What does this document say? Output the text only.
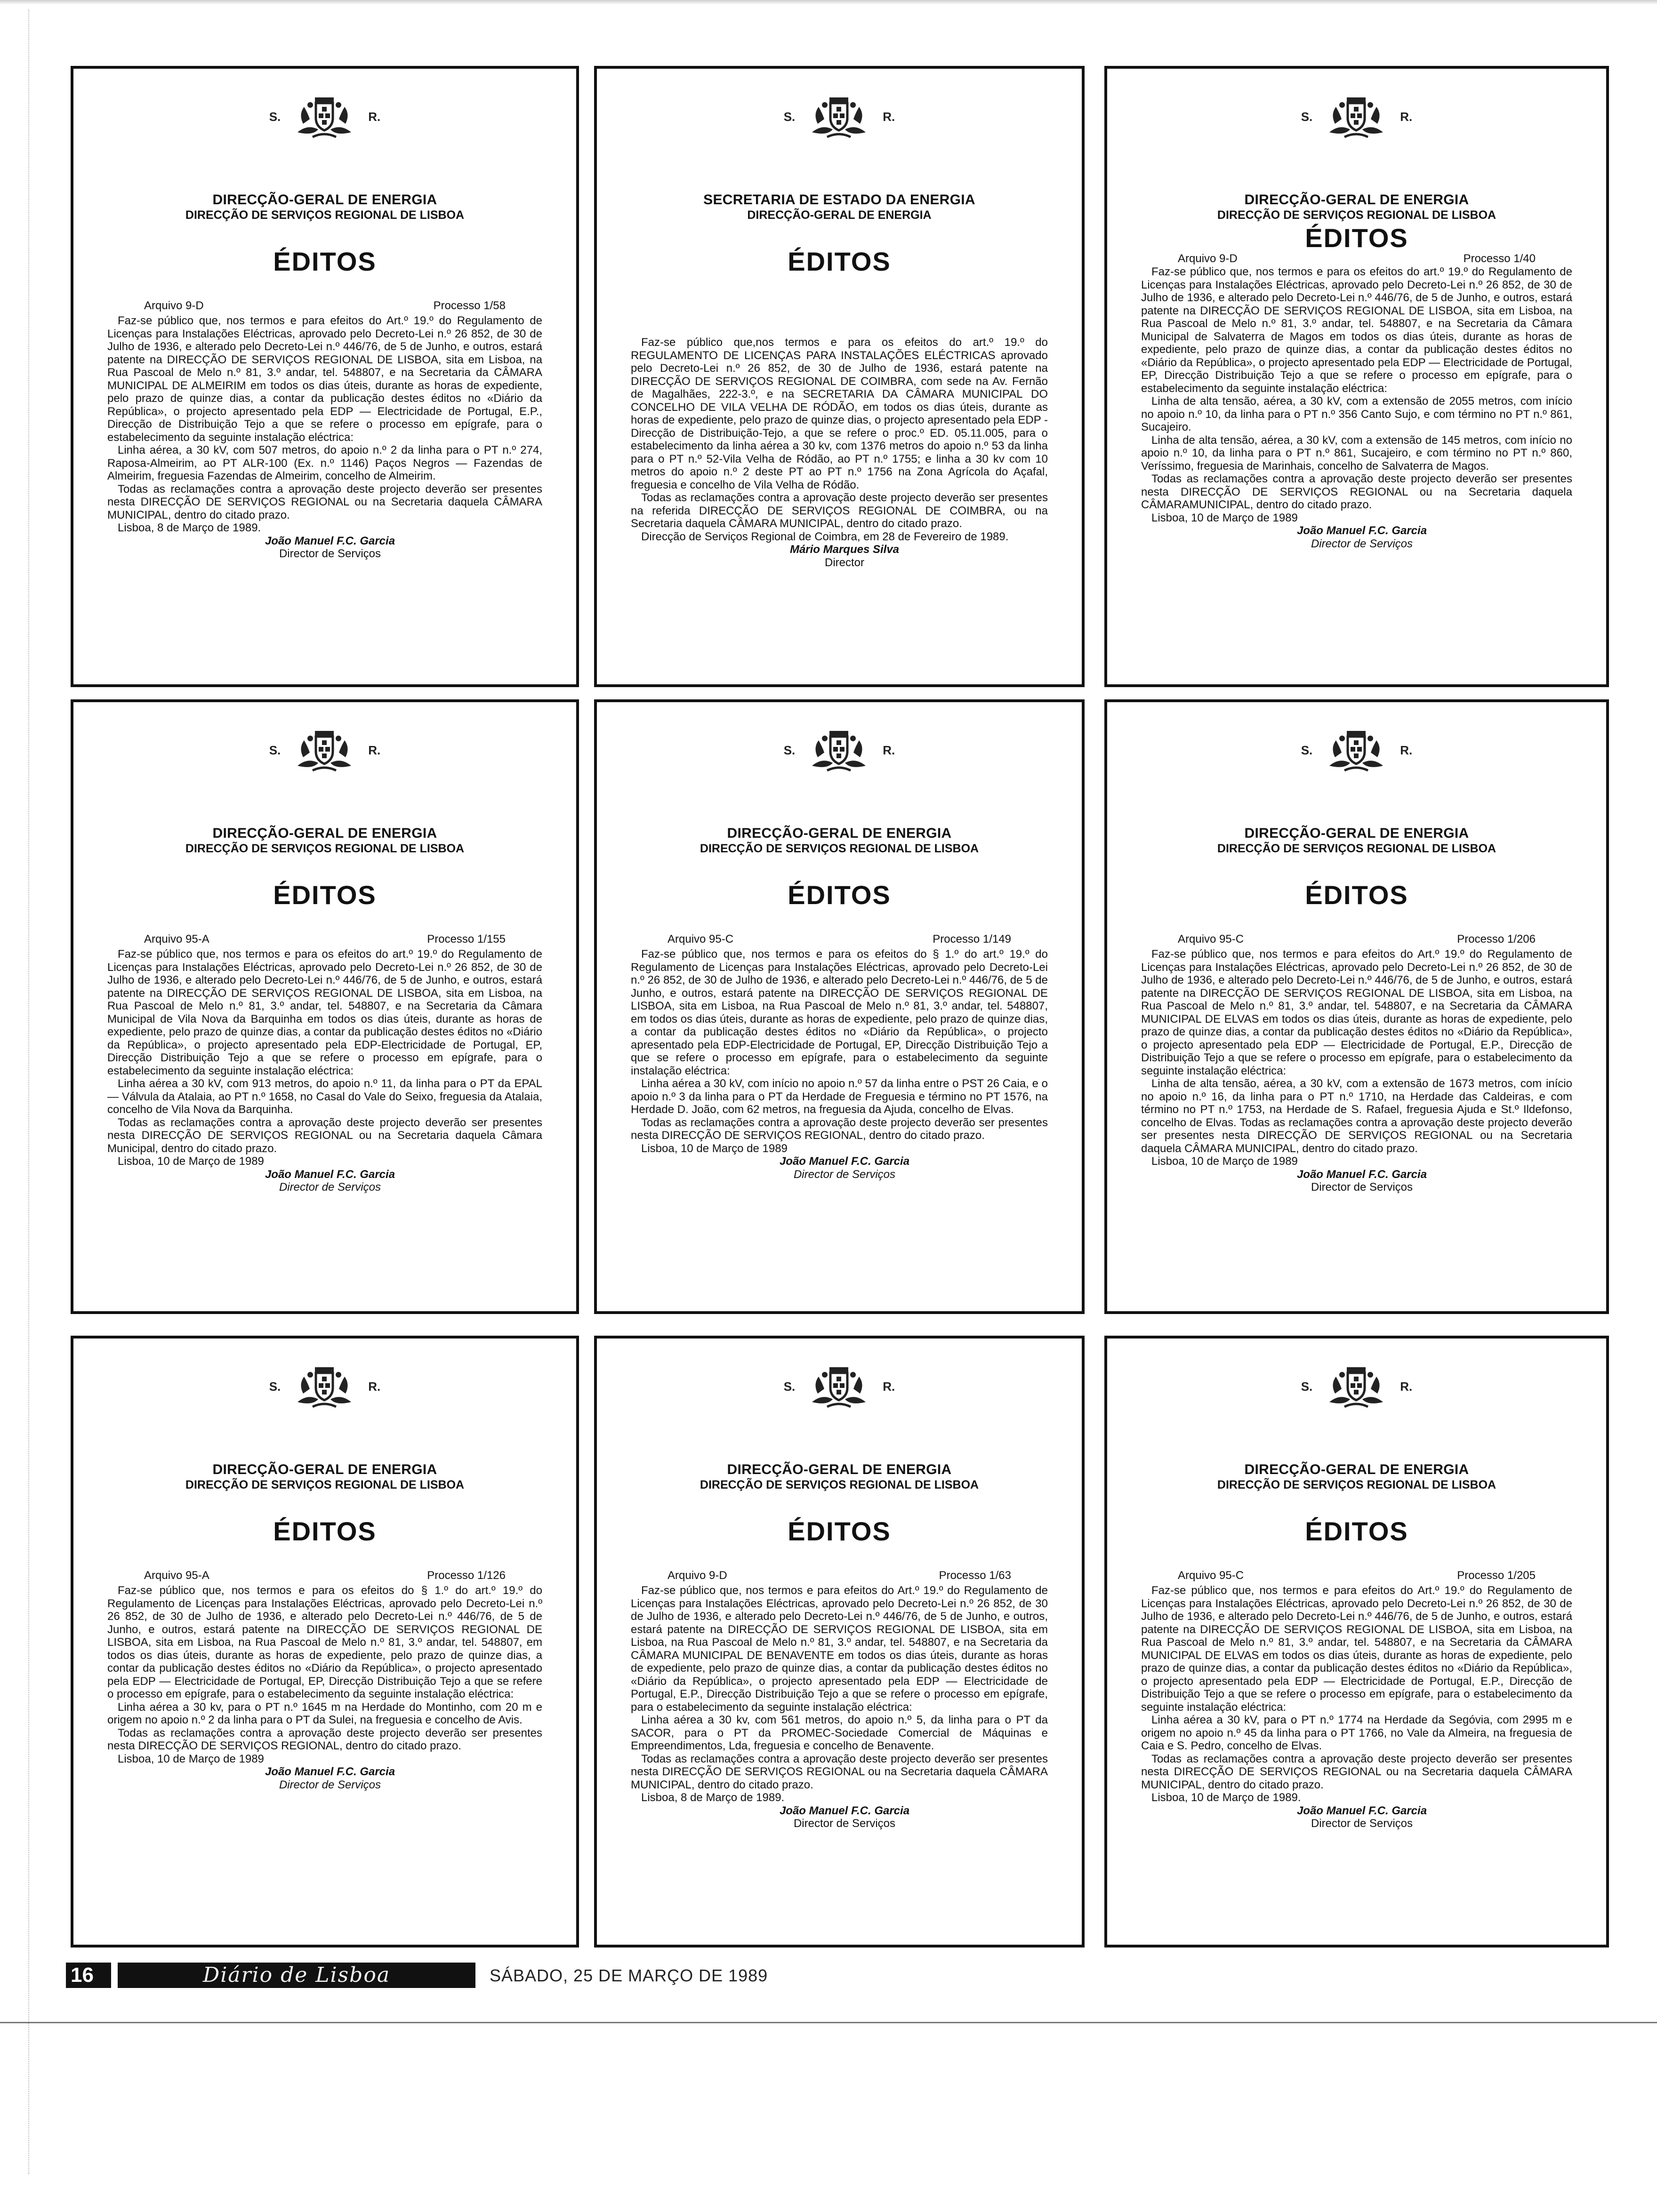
S.	R.
DIRECÇÃO-GERAL DE ENERGIA
DIRECÇÃO DE SERVIÇOS REGIONAL DE LISBOA
ÉDITOS
Arquivo 9-D	Processo 1/58

Faz-se público que, nos termos e para efeitos do Art.º 19.º do Regulamento de Licenças para Instalações Eléctricas, aprovado pelo Decreto-Lei n.º 26 852, de 30 de Julho de 1936, e alterado pelo Decreto-Lei n.º 446/76, de 5 de Junho, e outros, estará patente na DIRECÇÃO DE SERVIÇOS REGIONAL DE LISBOA, sita em Lisboa, na Rua Pascoal de Melo n.º 81, 3.º andar, tel. 548807, e na Secretaria da CÂMARA MUNICIPAL DE ALMEIRIM em todos os dias úteis, durante as horas de expediente, pelo prazo de quinze dias, a contar da publicação destes éditos no «Diário da República», o projecto apresentado pela EDP — Electricidade de Portugal, E.P., Direcção de Distribuição Tejo a que se refere o processo em epígrafe, para o estabelecimento da seguinte instalação eléctrica:

Linha aérea, a 30 kV, com 507 metros, do apoio n.º 2 da linha para o PT n.º 274, Raposa-Almeirim, ao PT ALR-100 (Ex. n.º 1146) Paços Negros — Fazendas de Almeirim, freguesia Fazendas de Almeirim, concelho de Almeirim.

Todas as reclamações contra a aprovação deste projecto deverão ser presentes nesta DIRECÇÃO DE SERVIÇOS REGIONAL ou na Secretaria daquela CÂMARA MUNICIPAL, dentro do citado prazo.

Lisboa, 8 de Março de 1989.

João Manuel F.C. Garcia

Director de Serviços

S.	R.
SECRETARIA DE ESTADO DA ENERGIA
DIRECÇÃO-GERAL DE ENERGIA
ÉDITOS

Faz-se público que,nos termos e para os efeitos do art.º 19.º do REGULAMENTO DE LICENÇAS PARA INSTALAÇÕES ELÉCTRICAS aprovado pelo Decreto-Lei n.º 26 852, de 30 de Julho de 1936, estará patente na DIRECÇÃO DE SERVIÇOS REGIONAL DE COIMBRA, com sede na Av. Fernão de Magalhães, 222-3.º, e na SECRETARIA DA CÂMARA MUNICIPAL DO CONCELHO DE VILA VELHA DE RÓDÃO, em todos os dias úteis, durante as horas de expediente, pelo prazo de quinze dias, o projecto apresentado pela EDP - Direcção de Distribuição-Tejo, a que se refere o proc.º ED. 05.11.005, para o estabelecimento da linha aérea a 30 kv, com 1376 metros do apoio n.º 53 da linha para o PT n.º 52-Vila Velha de Ródão, ao PT n.º 1755; e linha a 30 kv com 10 metros do apoio n.º 2 deste PT ao PT n.º 1756 na Zona Agrícola do Açafal, freguesia e concelho de Vila Velha de Ródão.

Todas as reclamações contra a aprovação deste projecto deverão ser presentes na referida DIRECÇÃO DE SERVIÇOS REGIONAL DE COIMBRA, ou na Secretaria daquela CÂMARA MUNICIPAL, dentro do citado prazo.

Direcção de Serviços Regional de Coimbra, em 28 de Fevereiro de 1989.

Mário Marques Silva

Director

S.	R.
DIRECÇÃO-GERAL DE ENERGIA
DIRECÇÃO DE SERVIÇOS REGIONAL DE LISBOA
ÉDITOS
Arquivo 9-D	Processo 1/40

Faz-se público que, nos termos e para os efeitos do art.º 19.º do Regulamento de Licenças para Instalações Eléctricas, aprovado pelo Decreto-Lei n.º 26 852, de 30 de Julho de 1936, e alterado pelo Decreto-Lei n.º 446/76, de 5 de Junho, e outros, estará patente na DIRECÇÃO DE SERVIÇOS REGIONAL DE LISBOA, sita em Lisboa, na Rua Pascoal de Melo n.º 81, 3.º andar, tel. 548807, e na Secretaria da Câmara Municipal de Salvaterra de Magos em todos os dias úteis, durante as horas de expediente, pelo prazo de quinze dias, a contar da publicação destes éditos no «Diário da República», o projecto apresentado pela EDP — Electricidade de Portugal, EP, Direcção Distribuição Tejo a que se refere o processo em epígrafe, para o estabelecimento da seguinte instalação eléctrica:

Linha de alta tensão, aérea, a 30 kV, com a extensão de 2055 metros, com início no apoio n.º 10, da linha para o PT n.º 356 Canto Sujo, e com término no PT n.º 861, Sucajeiro.

Linha de alta tensão, aérea, a 30 kV, com a extensão de 145 metros, com início no apoio n.º 10, da linha para o PT n.º 861, Sucajeiro, e com término no PT n.º 860, Veríssimo, freguesia de Marinhais, concelho de Salvaterra de Magos.

Todas as reclamações contra a aprovação deste projecto deverão ser presentes nesta DIRECÇÃO DE SERVIÇOS REGIONAL ou na Secretaria daquela CÂMARAMUNICIPAL, dentro do citado prazo.

Lisboa, 10 de Março de 1989

João Manuel F.C. Garcia

Director de Serviços

S.	R.
DIRECÇÃO-GERAL DE ENERGIA
DIRECÇÃO DE SERVIÇOS REGIONAL DE LISBOA
ÉDITOS
Arquivo 95-A	Processo 1/155

Faz-se público que, nos termos e para os efeitos do art.º 19.º do Regulamento de Licenças para Instalações Eléctricas, aprovado pelo Decreto-Lei n.º 26 852, de 30 de Julho de 1936, e alterado pelo Decreto-Lei n.º 446/76, de 5 de Junho, e outros, estará patente na DIRECÇÃO DE SERVIÇOS REGIONAL DE LISBOA, sita em Lisboa, na Rua Pascoal de Melo n.º 81, 3.º andar, tel. 548807, e na Secretaria da Câmara Municipal de Vila Nova da Barquinha em todos os dias úteis, durante as horas de expediente, pelo prazo de quinze dias, a contar da publicação destes éditos no «Diário da República», o projecto apresentado pela EDP-Electricidade de Portugal, EP, Direcção Distribuição Tejo a que se refere o processo em epígrafe, para o estabelecimento da seguinte instalação eléctrica:

Linha aérea a 30 kV, com 913 metros, do apoio n.º 11, da linha para o PT da EPAL — Válvula da Atalaia, ao PT n.º 1658, no Casal do Vale do Seixo, freguesia da Atalaia, concelho de Vila Nova da Barquinha.

Todas as reclamações contra a aprovação deste projecto deverão ser presentes nesta DIRECÇÃO DE SERVIÇOS REGIONAL ou na Secretaria daquela Câmara Municipal, dentro do citado prazo.

Lisboa, 10 de Março de 1989

João Manuel F.C. Garcia

Director de Serviços

S.	R.
DIRECÇÃO-GERAL DE ENERGIA
DIRECÇÃO DE SERVIÇOS REGIONAL DE LISBOA
ÉDITOS
Arquivo 95-C	Processo 1/149

Faz-se público que, nos termos e para os efeitos do § 1.º do art.º 19.º do Regulamento de Licenças para Instalações Eléctricas, aprovado pelo Decreto-Lei n.º 26 852, de 30 de Julho de 1936, e alterado pelo Decreto-Lei n.º 446/76, de 5 de Junho, e outros, estará patente na DIRECÇÃO DE SERVIÇOS REGIONAL DE LISBOA, sita em Lisboa, na Rua Pascoal de Melo n.º 81, 3.º andar, tel. 548807, em todos os dias úteis, durante as horas de expediente, pelo prazo de quinze dias, a contar da publicação destes éditos no «Diário da República», o projecto apresentado pela EDP-Electricidade de Portugal, EP, Direcção Distribuição Tejo a que se refere o processo em epígrafe, para o estabelecimento da seguinte instalação eléctrica:

Linha aérea a 30 kV, com início no apoio n.º 57 da linha entre o PST 26 Caia, e o apoio n.º 3 da linha para o PT da Herdade de Freguesia e término no PT 1576, na Herdade D. João, com 62 metros, na freguesia da Ajuda, concelho de Elvas.

Todas as reclamações contra a aprovação deste projecto deverão ser presentes nesta DIRECÇÃO DE SERVIÇOS REGIONAL, dentro do citado prazo.

Lisboa, 10 de Março de 1989

João Manuel F.C. Garcia

Director de Serviços

S.	R.
DIRECÇÃO-GERAL DE ENERGIA
DIRECÇÃO DE SERVIÇOS REGIONAL DE LISBOA
ÉDITOS
Arquivo 95-C	Processo 1/206

Faz-se público que, nos termos e para efeitos do Art.º 19.º do Regulamento de Licenças para Instalações Eléctricas, aprovado pelo Decreto-Lei n.º 26 852, de 30 de Julho de 1936, e alterado pelo Decreto-Lei n.º 446/76, de 5 de Junho, e outros, estará patente na DIRECÇÃO DE SERVIÇOS REGIONAL DE LISBOA, sita em Lisboa, na Rua Pascoal de Melo n.º 81, 3.º andar, tel. 548807, e na Secretaria da CÂMARA MUNICIPAL DE ELVAS em todos os dias úteis, durante as horas de expediente, pelo prazo de quinze dias, a contar da publicação destes éditos no «Diário da República», o projecto apresentado pela EDP — Electricidade de Portugal, E.P., Direcção de Distribuição Tejo a que se refere o processo em epígrafe, para o estabelecimento da seguinte instalação eléctrica:

Linha de alta tensão, aérea, a 30 kV, com a extensão de 1673 metros, com início no apoio n.º 16, da linha para o PT n.º 1710, na Herdade das Caldeiras, e com término no PT n.º 1753, na Herdade de S. Rafael, freguesia Ajuda e St.º Ildefonso, concelho de Elvas. Todas as reclamações contra a aprovação deste projecto deverão ser presentes nesta DIRECÇÃO DE SERVIÇOS REGIONAL ou na Secretaria daquela CÂMARA MUNICIPAL, dentro do citado prazo.

Lisboa, 10 de Março de 1989

João Manuel F.C. Garcia

Director de Serviços

S.	R.
DIRECÇÃO-GERAL DE ENERGIA
DIRECÇÃO DE SERVIÇOS REGIONAL DE LISBOA
ÉDITOS
Arquivo 95-A	Processo 1/126

Faz-se público que, nos termos e para os efeitos do § 1.º do art.º 19.º do Regulamento de Licenças para Instalações Eléctricas, aprovado pelo Decreto-Lei n.º 26 852, de 30 de Julho de 1936, e alterado pelo Decreto-Lei n.º 446/76, de 5 de Junho, e outros, estará patente na DIRECÇÃO DE SERVIÇOS REGIONAL DE LISBOA, sita em Lisboa, na Rua Pascoal de Melo n.º 81, 3.º andar, tel. 548807, em todos os dias úteis, durante as horas de expediente, pelo prazo de quinze dias, a contar da publicação destes éditos no «Diário da República», o projecto apresentado pela EDP — Electricidade de Portugal, EP, Direcção Distribuição Tejo a que se refere o processo em epígrafe, para o estabelecimento da seguinte instalação eléctrica:

Linha aérea a 30 kv, para o PT n.º 1645 m na Herdade do Montinho, com 20 m e origem no apoio n.º 2 da linha para o PT da Sulei, na freguesia e concelho de Avis.

Todas as reclamações contra a aprovação deste projecto deverão ser presentes nesta DIRECÇÃO DE SERVIÇOS REGIONAL, dentro do citado prazo.

Lisboa, 10 de Março de 1989

João Manuel F.C. Garcia

Director de Serviços

S.	R.
DIRECÇÃO-GERAL DE ENERGIA
DIRECÇÃO DE SERVIÇOS REGIONAL DE LISBOA
ÉDITOS
Arquivo 9-D	Processo 1/63

Faz-se público que, nos termos e para efeitos do Art.º 19.º do Regulamento de Licenças para Instalações Eléctricas, aprovado pelo Decreto-Lei n.º 26 852, de 30 de Julho de 1936, e alterado pelo Decreto-Lei n.º 446/76, de 5 de Junho, e outros, estará patente na DIRECÇÃO DE SERVIÇOS REGIONAL DE LISBOA, sita em Lisboa, na Rua Pascoal de Melo n.º 81, 3.º andar, tel. 548807, e na Secretaria da CÂMARA MUNICIPAL DE BENAVENTE em todos os dias úteis, durante as horas de expediente, pelo prazo de quinze dias, a contar da publicação destes éditos no «Diário da República», o projecto apresentado pela EDP — Electricidade de Portugal, E.P., Direcção Distribuição Tejo a que se refere o processo em epígrafe, para o estabelecimento da seguinte instalação eléctrica:

Linha aérea a 30 kv, com 561 metros, do apoio n.º 5, da linha para o PT da SACOR, para o PT da PROMEC-Sociedade Comercial de Máquinas e Empreendimentos, Lda, freguesia e concelho de Benavente.

Todas as reclamações contra a aprovação deste projecto deverão ser presentes nesta DIRECÇÃO DE SERVIÇOS REGIONAL ou na Secretaria daquela CÂMARA MUNICIPAL, dentro do citado prazo.

Lisboa, 8 de Março de 1989.

João Manuel F.C. Garcia

Director de Serviços

S.	R.
DIRECÇÃO-GERAL DE ENERGIA
DIRECÇÃO DE SERVIÇOS REGIONAL DE LISBOA
ÉDITOS
Arquivo 95-C	Processo 1/205

Faz-se público que, nos termos e para efeitos do Art.º 19.º do Regulamento de Licenças para Instalações Eléctricas, aprovado pelo Decreto-Lei n.º 26 852, de 30 de Julho de 1936, e alterado pelo Decreto-Lei n.º 446/76, de 5 de Junho, e outros, estará patente na DIRECÇÃO DE SERVIÇOS REGIONAL DE LISBOA, sita em Lisboa, na Rua Pascoal de Melo n.º 81, 3.º andar, tel. 548807, e na Secretaria da CÂMARA MUNICIPAL DE ELVAS em todos os dias úteis, durante as horas de expediente, pelo prazo de quinze dias, a contar da publicação destes éditos no «Diário da República», o projecto apresentado pela EDP — Electricidade de Portugal, E.P., Direcção de Distribuição Tejo a que se refere o processo em epígrafe, para o estabelecimento da seguinte instalação eléctrica:

Linha aérea a 30 kV, para o PT n.º 1774 na Herdade da Segóvia, com 2995 m e origem no apoio n.º 45 da linha para o PT 1766, no Vale da Almeira, na freguesia de Caia e S. Pedro, concelho de Elvas.

Todas as reclamações contra a aprovação deste projecto deverão ser presentes nesta DIRECÇÃO DE SERVIÇOS REGIONAL ou na Secretaria daquela CÂMARA MUNICIPAL, dentro do citado prazo.

Lisboa, 10 de Março de 1989.

João Manuel F.C. Garcia

Director de Serviços

16	Diário de Lisboa	SÁBADO, 25 DE MARÇO DE 1989
